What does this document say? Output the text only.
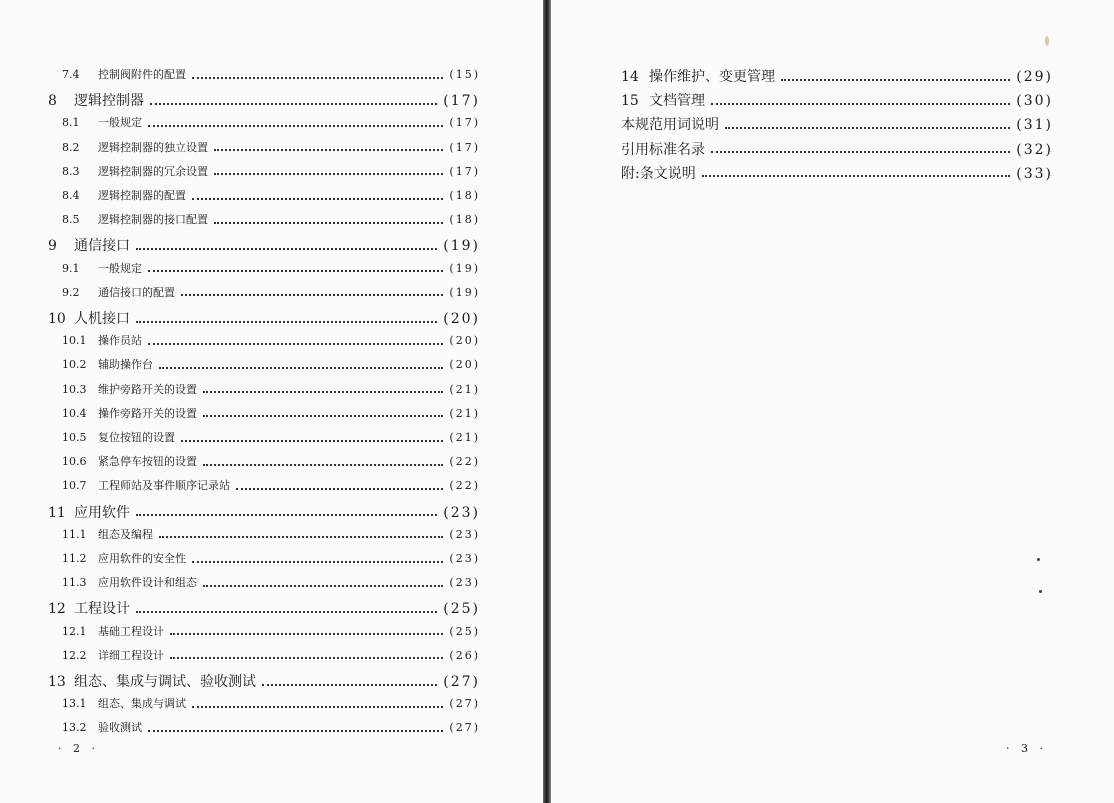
7.4	控制阀附件的配置	(15)
8	逻辑控制器	(17)
8.1	一般规定	(17)
8.2	逻辑控制器的独立设置	(17)
8.3	逻辑控制器的冗余设置	(17)
8.4	逻辑控制器的配置	(18)
8.5	逻辑控制器的接口配置	(18)
9	通信接口	(19)
9.1	一般规定	(19)
9.2	通信接口的配置	(19)
10 人机接口	(20)
10.1	操作员站	(20)
10.2	辅助操作台	(20)
10.3	维护旁路开关的设置	(21)
10.4	操作旁路开关的设置	(21)
10.5	复位按钮的设置	(21)
10.6	紧急停车按钮的设置	(22)
10.7	工程师站及事件顺序记录站	(22)
11 应用软件	(23)
11.1	组态及编程	(23)
11.2	应用软件的安全性	(23)
11.3	应用软件设计和组态	(23)
12 工程设计	(25)
12.1	基础工程设计	(25)
12.2	详细工程设计	(26)
13 组态、集成与调试、验收测试	(27)
13.1	组态、集成与调试	(27)
13.2	验收测试	(27)
· 2 ·
14 操作维护、变更管理	(29)
15 文档管理	(30)
本规范用词说明	(31)
引用标准名录	(32)
附:条文说明	(33)
· 3 ·
